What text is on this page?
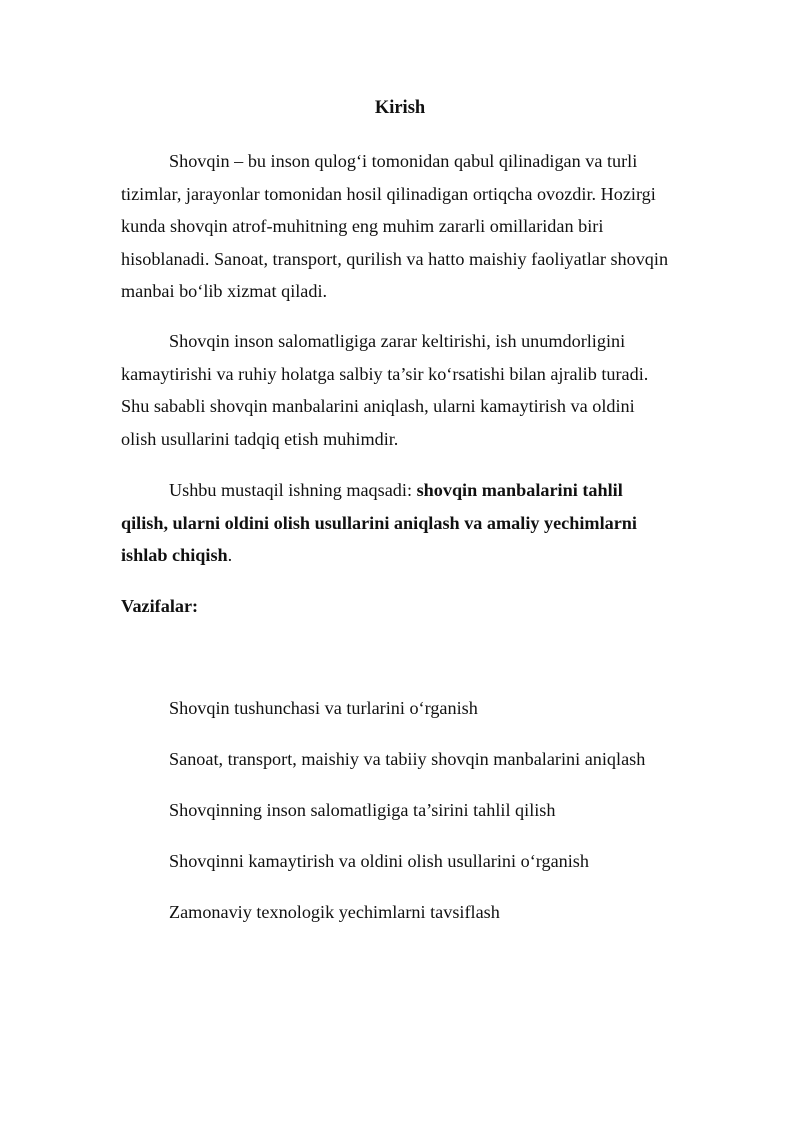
Kirish

Shovqin – bu inson qulog‘i tomonidan qabul qilinadigan va turli tizimlar, jarayonlar tomonidan hosil qilinadigan ortiqcha ovozdir. Hozirgi kunda shovqin atrof-muhitning eng muhim zararli omillaridan biri hisoblanadi. Sanoat, transport, qurilish va hatto maishiy faoliyatlar shovqin manbai bo‘lib xizmat qiladi.

Shovqin inson salomatligiga zarar keltirishi, ish unumdorligini kamaytirishi va ruhiy holatga salbiy ta’sir ko‘rsatishi bilan ajralib turadi. Shu sababli shovqin manbalarini aniqlash, ularni kamaytirish va oldini olish usullarini tadqiq etish muhimdir.

Ushbu mustaqil ishning maqsadi: shovqin manbalarini tahlil qilish, ularni oldini olish usullarini aniqlash va amaliy yechimlarni ishlab chiqish.

Vazifalar:
Shovqin tushunchasi va turlarini o‘rganish
Sanoat, transport, maishiy va tabiiy shovqin manbalarini aniqlash
Shovqinning inson salomatligiga ta’sirini tahlil qilish
Shovqinni kamaytirish va oldini olish usullarini o‘rganish
Zamonaviy texnologik yechimlarni tavsiflash
